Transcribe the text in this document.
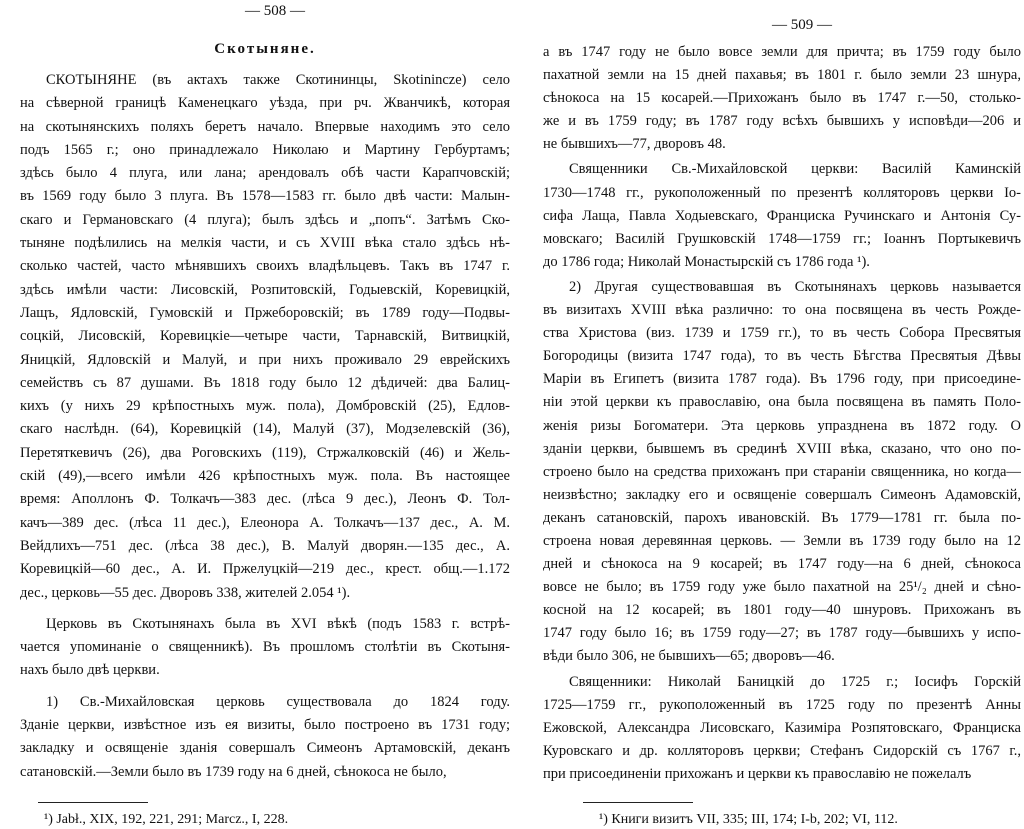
— 508 —
Скотыняне.
СКОТЫНЯНЕ (въ актахъ также Скотининцы, Skotinincze) село
на сѣверной границѣ Каменецкаго уѣзда, при рч. Жванчикѣ, которая
на скотынянскихъ поляхъ беретъ начало. Впервые находимъ это село
подъ 1565 г.; оно принадлежало Николаю и Мартину Гербуртамъ;
здѣсь было 4 плуга, или лана; арендовалъ обѣ части Карапчовскій;
въ 1569 году было 3 плуга. Въ 1578—1583 гг. было двѣ части: Малын-
скаго и Германовскаго (4 плуга); былъ здѣсь и „попъ“. Затѣмъ Ско-
тыняне подѣлились на мелкія части, и съ XVIII вѣка стало здѣсь нѣ-
сколько частей, часто мѣнявшихъ своихъ владѣльцевъ. Такъ въ 1747 г.
здѣсь имѣли части: Лисовскій, Розпитовскій, Годыевскій, Коревицкій,
Лащъ, Ядловскій, Гумовскій и Пржеборовскій; въ 1789 году—Подвы-
соцкій, Лисовскій, Коревицкіе—четыре части, Тарнавскій, Витвицкій,
Яницкій, Ядловскій и Малуй, и при нихъ проживало 29 еврейскихъ
семействъ съ 87 душами. Въ 1818 году было 12 дѣдичей: два Балиц-
кихъ (у нихъ 29 крѣпостныхъ муж. пола), Домбровскій (25), Едлов-
скаго наслѣдн. (64), Коревицкій (14), Малуй (37), Модзелевскій (36),
Перетяткевичъ (26), два Роговскихъ (119), Стржалковскій (46) и Жель-
скій (49),—всего имѣли 426 крѣпостныхъ муж. пола. Въ настоящее
время: Аполлонъ Ф. Толкачъ—383 дес. (лѣса 9 дес.), Леонъ Ф. Тол-
качъ—389 дес. (лѣса 11 дес.), Елеонора А. Толкачъ—137 дес., А. М.
Вейдлихъ—751 дес. (лѣса 38 дес.), В. Малуй дворян.—135 дес., А.
Коревицкій—60 дес., А. И. Пржелуцкій—219 дес., крест. общ.—1.172
дес., церковь—55 дес. Дворовъ 338, жителей 2.054 ¹).
Церковь въ Скотынянахъ была въ XVI вѣкѣ (подъ 1583 г. встрѣ-
чается упоминаніе о священникѣ). Въ прошломъ столѣтіи въ Скотыня-
нахъ было двѣ церкви.
1) Св.-Михайловская церковь существовала до 1824 году.
Зданіе церкви, извѣстное изъ ея визиты, было построено въ 1731 году;
закладку и освященіе зданія совершалъ Симеонъ Артамовскій, деканъ
сатановскій.—Земли было въ 1739 году на 6 дней, сѣнокоса не было,
¹) Jabł., XIX, 192, 221, 291; Marcz., I, 228.
— 509 —
а въ 1747 году не было вовсе земли для причта; въ 1759 году было
пахатной земли на 15 дней пахавья; въ 1801 г. было земли 23 шнура,
сѣнокоса на 15 косарей.—Прихожанъ было въ 1747 г.—50, столько-
же и въ 1759 году; въ 1787 году всѣхъ бывшихъ у исповѣди—206 и
не бывшихъ—77, дворовъ 48.
Священники Св.-Михайловской церкви: Василій Каминскій
1730—1748 гг., рукоположенный по презентѣ колляторовъ церкви Іо-
сифа Лаща, Павла Ходыевскаго, Франциска Ручинскаго и Антонія Су-
мовскаго; Василій Грушковскій 1748—1759 гг.; Іоаннъ Портыкевичъ
до 1786 года; Николай Монастырскій съ 1786 года ¹).
2) Другая существовавшая въ Скотынянахъ церковь называется
въ визитахъ XVIII вѣка различно: то она посвящена въ честь Рожде-
ства Христова (виз. 1739 и 1759 гг.), то въ честь Собора Пресвятыя
Богородицы (визита 1747 года), то въ честь Бѣгства Пресвятыя Дѣвы
Маріи въ Египетъ (визита 1787 года). Въ 1796 году, при присоедине-
ніи этой церкви къ православію, она была посвящена въ память Поло-
женія ризы Богоматери. Эта церковь упразднена въ 1872 году. О
зданіи церкви, бывшемъ въ срединѣ XVIII вѣка, сказано, что оно по-
строено было на средства прихожанъ при стараніи священника, но когда—
неизвѣстно; закладку его и освященіе совершалъ Симеонъ Адамовскій,
деканъ сатановскій, парохъ ивановскій. Въ 1779—1781 гг. была по-
строена новая деревянная церковь. — Земли въ 1739 году было на 12
дней и сѣнокоса на 9 косарей; въ 1747 году—на 6 дней, сѣнокоса
вовсе не было; въ 1759 году уже было пахатной на 25¹/₂ дней и сѣно-
косной на 12 косарей; въ 1801 году—40 шнуровъ. Прихожанъ въ
1747 году было 16; въ 1759 году—27; въ 1787 году—бывшихъ у испо-
вѣди было 306, не бывшихъ—65; дворовъ—46.
Священники: Николай Баницкій до 1725 г.; Іосифъ Горскій
1725—1759 гг., рукоположенный въ 1725 году по презентѣ Анны
Ежовской, Александра Лисовскаго, Казиміра Розпятовскаго, Франциска
Куровскаго и др. колляторовъ церкви; Стефанъ Сидорскій съ 1767 г.,
при присоединеніи прихожанъ и церкви къ православію не пожелалъ
¹) Книги визитъ VII, 335; III, 174; I-b, 202; VI, 112.
